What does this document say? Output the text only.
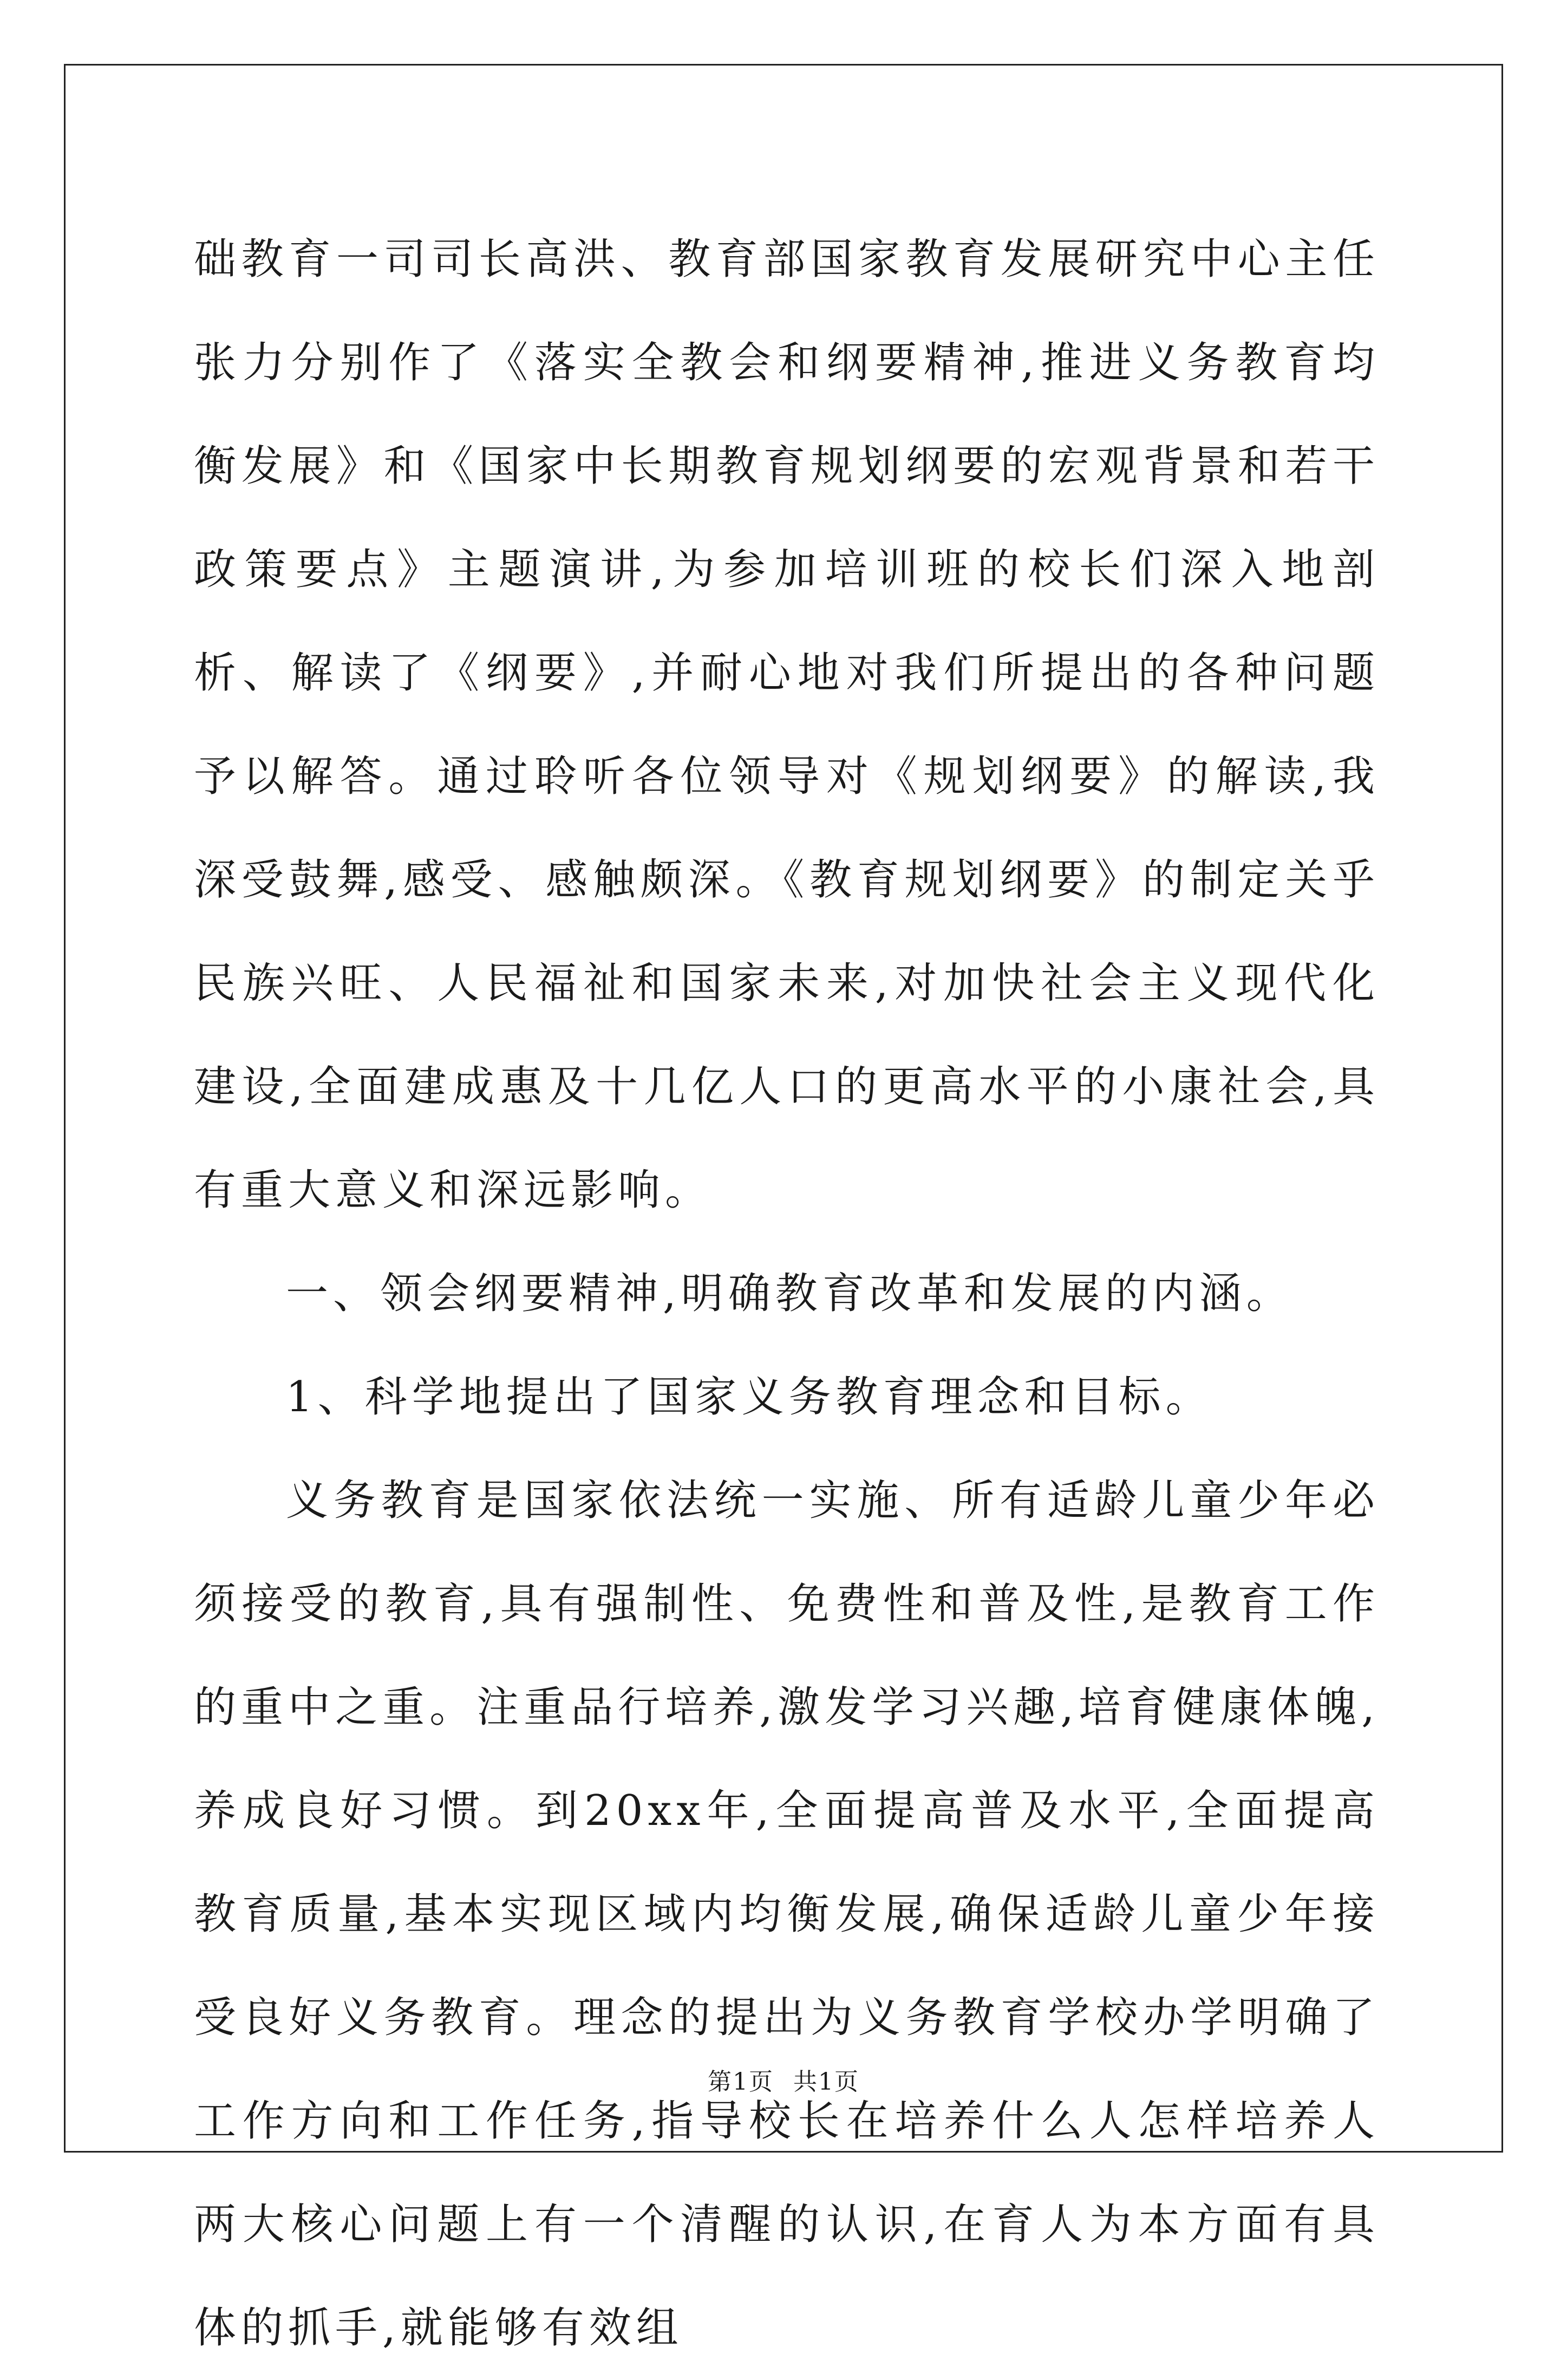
础教育一司司长高洪、教育部国家教育发展研究中心主任张力分别作了《落实全教会和纲要精神,推进义务教育均衡发展》和《国家中长期教育规划纲要的宏观背景和若干政策要点》主题演讲,为参加培训班的校长们深入地剖析、解读了《纲要》,并耐心地对我们所提出的各种问题予以解答。通过聆听各位领导对《规划纲要》的解读,我深受鼓舞,感受、感触颇深。《教育规划纲要》的制定关乎民族兴旺、人民福祉和国家未来,对加快社会主义现代化建设,全面建成惠及十几亿人口的更高水平的小康社会,具有重大意义和深远影响。

一、领会纲要精神,明确教育改革和发展的内涵。

1、科学地提出了国家义务教育理念和目标。

义务教育是国家依法统一实施、所有适龄儿童少年必须接受的教育,具有强制性、免费性和普及性,是教育工作的重中之重。注重品行培养,激发学习兴趣,培育健康体魄,养成良好习惯。到20xx年,全面提高普及水平,全面提高教育质量,基本实现区域内均衡发展,确保适龄儿童少年接受良好义务教育。理念的提出为义务教育学校办学明确了工作方向和工作任务,指导校长在培养什么人怎样培养人两大核心问题上有一个清醒的认识,在育人为本方面有具体的抓手,就能够有效组

第1页 共1页
